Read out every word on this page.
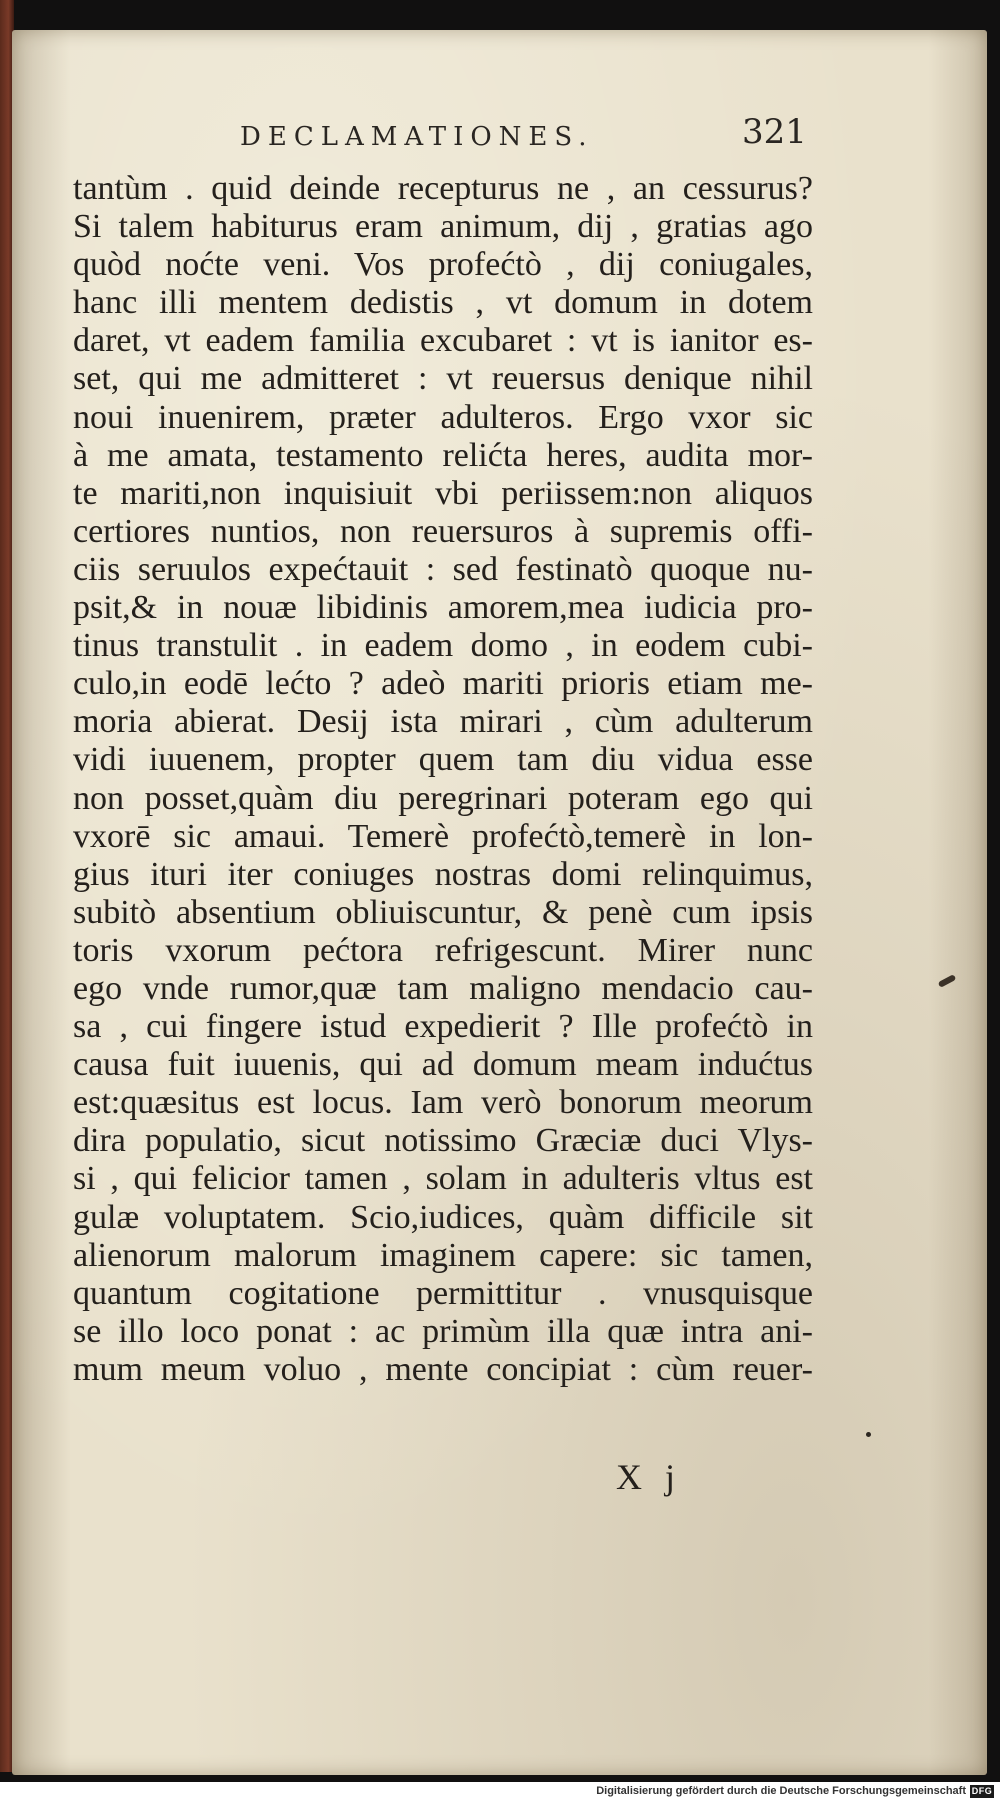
DECLAMATIONES.	321
tantùm . quid deinde recepturus ne , an cessurus?
Si talem habiturus eram animum, dij , gratias ago
quòd noćte veni. Vos profećtò , dij coniugales,
hanc illi mentem dedistis , vt domum in dotem
daret, vt eadem familia excubaret : vt is ianitor es-
set, qui me admitteret : vt reuersus denique nihil
noui inuenirem, præter adulteros. Ergo vxor sic
à me amata, testamento relićta heres, audita mor-
te mariti,non inquisiuit vbi periissem:non aliquos
certiores nuntios, non reuersuros à supremis offi-
ciis seruulos expećtauit : sed festinatò quoque nu-
psit,& in nouæ libidinis amorem,mea iudicia pro-
tinus transtulit . in eadem domo , in eodem cubi-
culo,in eodē lećto ? adeò mariti prioris etiam me-
moria abierat. Desij ista mirari , cùm adulterum
vidi iuuenem, propter quem tam diu vidua esse
non posset,quàm diu peregrinari poteram ego qui
vxorē sic amaui. Temerè profećtò,temerè in lon-
gius ituri iter coniuges nostras domi relinquimus,
subitò absentium obliuiscuntur, & penè cum ipsis
toris vxorum pećtora refrigescunt. Mirer nunc
ego vnde rumor,quæ tam maligno mendacio cau-
sa , cui fingere istud expedierit ? Ille profećtò in
causa fuit iuuenis, qui ad domum meam indućtus
est:quæsitus est locus. Iam verò bonorum meorum
dira populatio, sicut notissimo Græciæ duci Vlys-
si , qui felicior tamen , solam in adulteris vltus est
gulæ voluptatem. Scio,iudices, quàm difficile sit
alienorum malorum imaginem capere: sic tamen,
quantum cogitatione permittitur . vnusquisque
se illo loco ponat : ac primùm illa quæ intra ani-
mum meum voluo , mente concipiat : cùm reuer-
X j
Digitalisierung gefördert durch die Deutsche Forschungsgemeinschaft DFG
